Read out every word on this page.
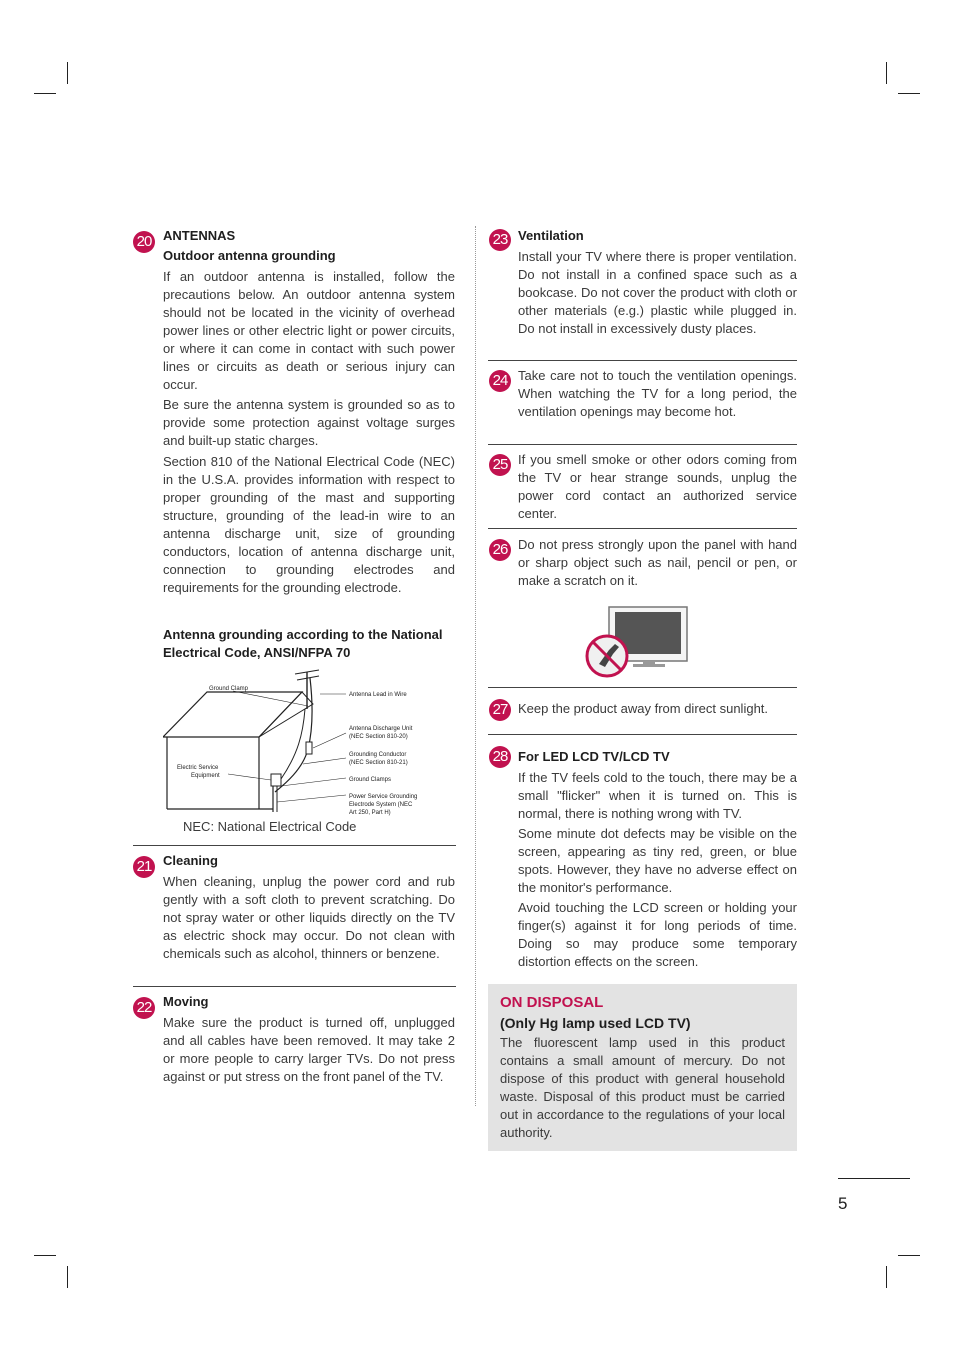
20 ANTENNAS
Outdoor antenna grounding

If an outdoor antenna is installed, follow the precautions below. An outdoor antenna system should not be located in the vicinity of overhead power lines or other electric light or power circuits, or where it can come in contact with such power lines or circuits as death or serious injury can occur.

Be sure the antenna system is grounded so as to provide some protection against voltage surges and built-up static charges.

Section 810 of the National Electrical Code (NEC) in the U.S.A. provides information with respect to proper grounding of the mast and supporting structure, grounding of the lead-in wire to an antenna discharge unit, size of grounding conductors, location of antenna discharge unit, connection to grounding electrodes and requirements for the grounding electrode.

Antenna grounding according to the National Electrical Code, ANSI/NFPA 70
Ground Clamp
Antenna Lead in Wire
Antenna Discharge Unit
(NEC Section 810-20)
Grounding Conductor
(NEC Section 810-21)
Ground Clamps
Electric Service
Equipment
Power Service Grounding
Electrode System (NEC
Art 250, Part H)
NEC: National Electrical Code
21 Cleaning

When cleaning, unplug the power cord and rub gently with a soft cloth to prevent scratching. Do not spray water or other liquids directly on the TV as electric shock may occur. Do not clean with chemicals such as alcohol, thinners or benzene.

22 Moving

Make sure the product is turned off, unplugged and all cables have been removed. It may take 2 or more people to carry larger TVs. Do not press against or put stress on the front panel of the TV.

23 Ventilation

Install your TV where there is proper ventilation. Do not install in a confined space such as a bookcase. Do not cover the product with cloth or other materials (e.g.) plastic while plugged in. Do not install in excessively dusty places.

24 Take care not to touch the ventilation openings. When watching the TV for a long period, the ventilation openings may become hot.

25 If you smell smoke or other odors coming from the TV or hear strange sounds, unplug the power cord contact an authorized service center.

26 Do not press strongly upon the panel with hand or sharp object such as nail, pencil or pen, or make a scratch on it.

27 Keep the product away from direct sunlight.

28 For LED LCD TV/LCD TV

If the TV feels cold to the touch, there may be a small "flicker" when it is turned on. This is normal, there is nothing wrong with TV.

Some minute dot defects may be visible on the screen, appearing as tiny red, green, or blue spots. However, they have no adverse effect on the monitor's performance.

Avoid touching the LCD screen or holding your finger(s) against it for long periods of time. Doing so may produce some temporary distortion effects on the screen.

ON DISPOSAL
(Only Hg lamp used LCD TV)

The fluorescent lamp used in this product contains a small amount of mercury. Do not dispose of this product with general household waste. Disposal of this product must be carried out in accordance to the regulations of your local authority.

5
